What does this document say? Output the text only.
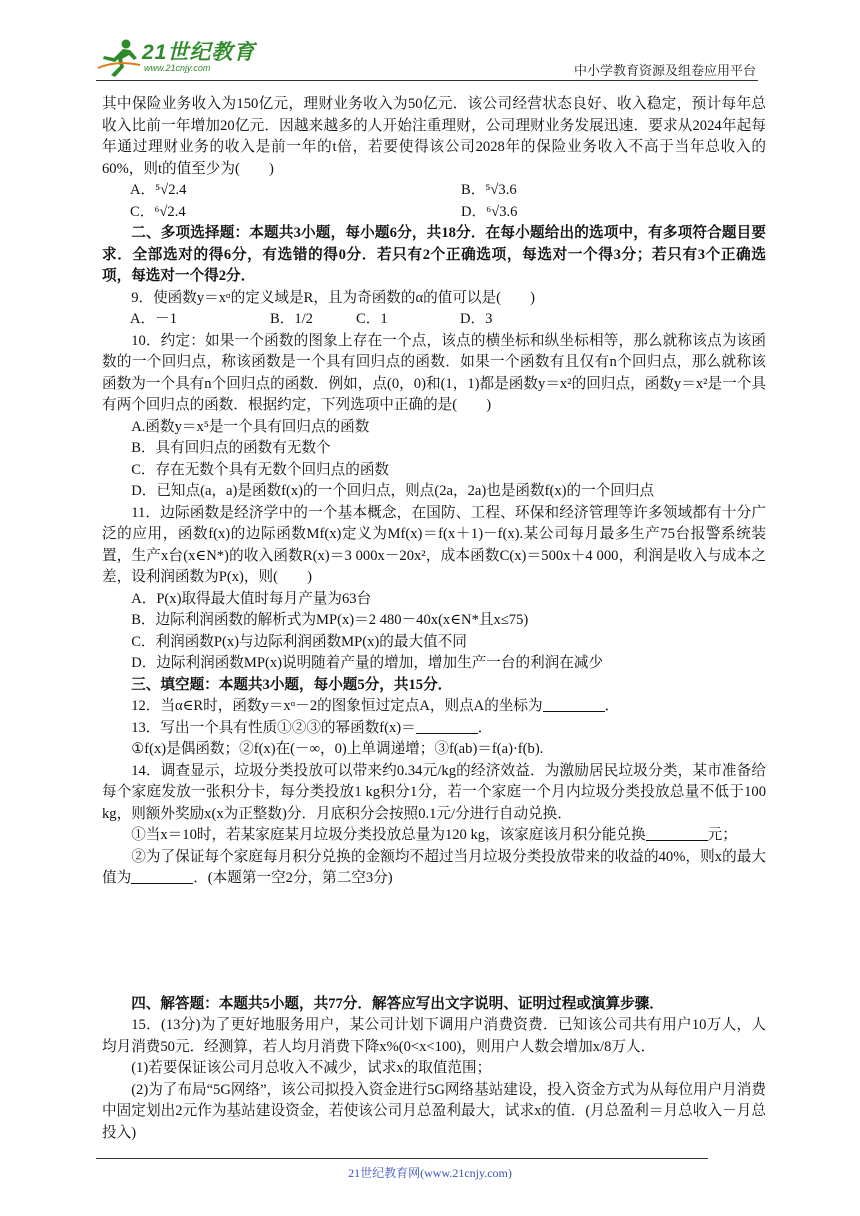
21世纪教育
www.21cnjy.com	中小学教育资源及组卷应用平台

其中保险业务收入为150亿元，理财业务收入为50亿元．该公司经营状态良好、收入稳定，预计每年总收入比前一年增加20亿元．因越来越多的人开始注重理财，公司理财业务发展迅速．要求从2024年起每年通过理财业务的收入是前一年的t倍，若要使得该公司2028年的保险业务收入不高于当年总收入的60%，则t的值至少为(　　)

A．⁵√2.4	B．⁵√3.6
C．⁶√2.4	D．⁶√3.6

二、多项选择题：本题共3小题，每小题6分，共18分．在每小题给出的选项中，有多项符合题目要求．全部选对的得6分，有选错的得0分．若只有2个正确选项，每选对一个得3分；若只有3个正确选项，每选对一个得2分．

9．使函数y＝xᵅ的定义域是R，且为奇函数的α的值可以是(　　)

A．－1	B．1/2	C．1	D．3

10．约定：如果一个函数的图象上存在一个点，该点的横坐标和纵坐标相等，那么就称该点为该函数的一个回归点，称该函数是一个具有回归点的函数．如果一个函数有且仅有n个回归点，那么就称该函数为一个具有n个回归点的函数．例如，点(0，0)和(1，1)都是函数y＝x²的回归点，函数y＝x²是一个具有两个回归点的函数．根据约定，下列选项中正确的是(　　)

A.函数y＝x⁵是一个具有回归点的函数

B．具有回归点的函数有无数个

C．存在无数个具有无数个回归点的函数

D．已知点(a，a)是函数f(x)的一个回归点，则点(2a，2a)也是函数f(x)的一个回归点

11．边际函数是经济学中的一个基本概念，在国防、工程、环保和经济管理等许多领域都有十分广泛的应用，函数f(x)的边际函数Mf(x)定义为Mf(x)＝f(x＋1)－f(x).某公司每月最多生产75台报警系统装置，生产x台(x∈N*)的收入函数R(x)＝3 000x－20x²，成本函数C(x)＝500x＋4 000，利润是收入与成本之差，设利润函数为P(x)，则(　　)

A．P(x)取得最大值时每月产量为63台

B．边际利润函数的解析式为MP(x)＝2 480－40x(x∈N*且x≤75)

C．利润函数P(x)与边际利润函数MP(x)的最大值不同

D．边际利润函数MP(x)说明随着产量的增加，增加生产一台的利润在减少

三、填空题：本题共3小题，每小题5分，共15分．

12．当α∈R时，函数y＝xᵅ－2的图象恒过定点A，则点A的坐标为	．

13．写出一个具有性质①②③的幂函数f(x)＝	．

①f(x)是偶函数；②f(x)在(－∞，0)上单调递增；③f(ab)＝f(a)·f(b).

14．调查显示，垃圾分类投放可以带来约0.34元/kg的经济效益．为激励居民垃圾分类，某市准备给每个家庭发放一张积分卡，每分类投放1 kg积分1分，若一个家庭一个月内垃圾分类投放总量不低于100 kg，则额外奖励x(x为正整数)分．月底积分会按照0.1元/分进行自动兑换．

①当x＝10时，若某家庭某月垃圾分类投放总量为120 kg，该家庭该月积分能兑换	元；

②为了保证每个家庭每月积分兑换的金额均不超过当月垃圾分类投放带来的收益的40%，则x的最大值为	．(本题第一空2分，第二空3分)

四、解答题：本题共5小题，共77分．解答应写出文字说明、证明过程或演算步骤．

15．(13分)为了更好地服务用户，某公司计划下调用户消费资费．已知该公司共有用户10万人，人均月消费50元．经测算，若人均月消费下降x%(0<x<100)，则用户人数会增加x/8万人．

(1)若要保证该公司月总收入不减少，试求x的取值范围；

(2)为了布局“5G网络”，该公司拟投入资金进行5G网络基站建设，投入资金方式为从每位用户月消费中固定划出2元作为基站建设资金，若使该公司月总盈利最大，试求x的值．(月总盈利＝月总收入－月总投入)

21世纪教育网(www.21cnjy.com)
